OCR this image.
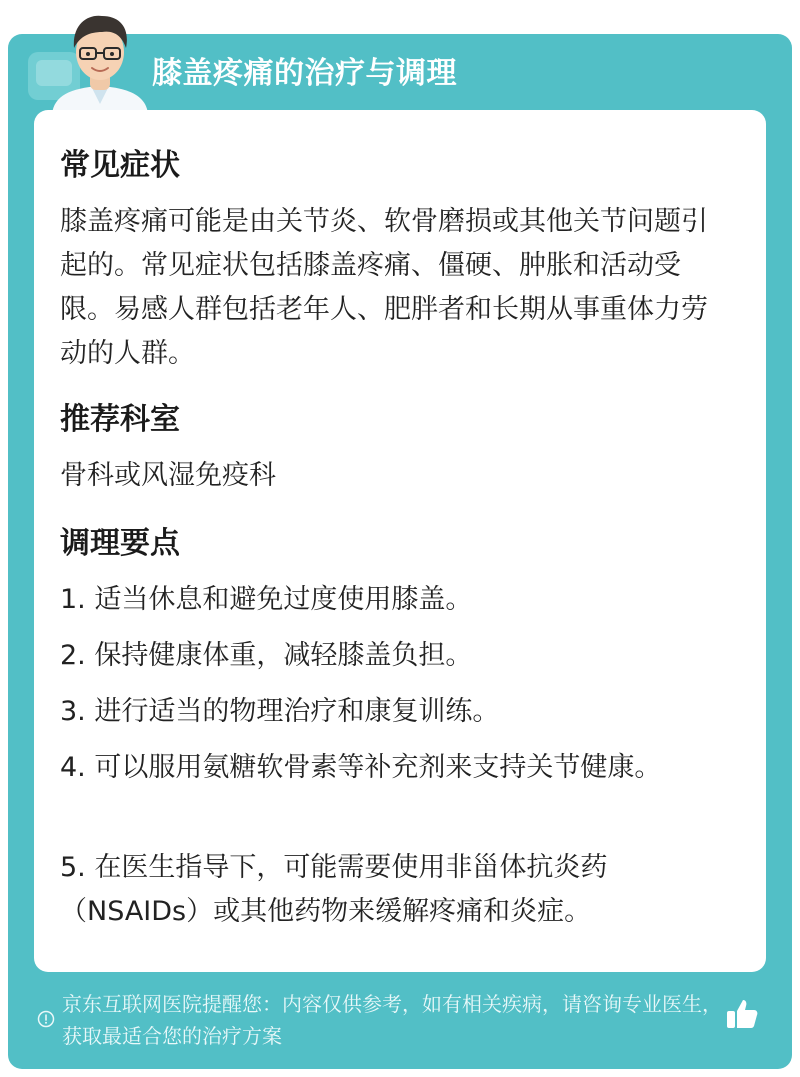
膝盖疼痛的治疗与调理
常见症状
膝盖疼痛可能是由关节炎、软骨磨损或其他关节问题引起的。常见症状包括膝盖疼痛、僵硬、肿胀和活动受限。易感人群包括老年人、肥胖者和长期从事重体力劳动的人群。
推荐科室
骨科或风湿免疫科
调理要点
1. 适当休息和避免过度使用膝盖。
2. 保持健康体重，减轻膝盖负担。
3. 进行适当的物理治疗和康复训练。
4. 可以服用氨糖软骨素等补充剂来支持关节健康。
5. 在医生指导下，可能需要使用非甾体抗炎药（NSAIDs）或其他药物来缓解疼痛和炎症。
京东互联网医院提醒您：内容仅供参考，如有相关疾病，请咨询专业医生，获取最适合您的治疗方案
